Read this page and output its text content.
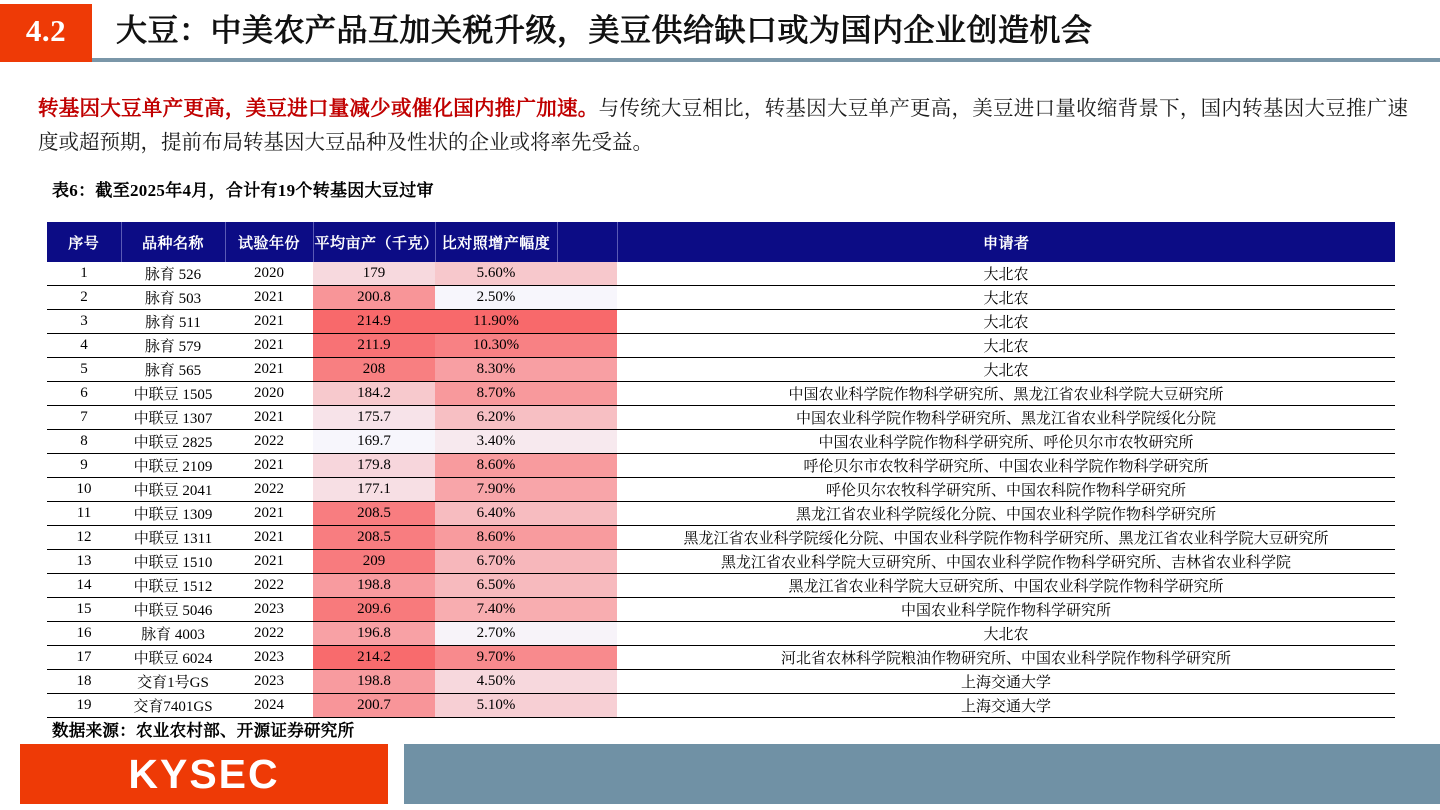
4.2	大豆：中美农产品互加关税升级，美豆供给缺口或为国内企业创造机会
转基因大豆单产更高，美豆进口量减少或催化国内推广加速。与传统大豆相比，转基因大豆单产更高，美豆进口量收缩背景下，国内转基因大豆推广速度或超预期，提前布局转基因大豆品种及性状的企业或将率先受益。
表6：截至2025年4月，合计有19个转基因大豆过审
序号	品种名称	试验年份	平均亩产（千克）	比对照增产幅度		申请者
1	脉育 526	2020	179	5.60%		大北农
2	脉育 503	2021	200.8	2.50%		大北农
3	脉育 511	2021	214.9	11.90%		大北农
4	脉育 579	2021	211.9	10.30%		大北农
5	脉育 565	2021	208	8.30%		大北农
6	中联豆 1505	2020	184.2	8.70%		中国农业科学院作物科学研究所、黑龙江省农业科学院大豆研究所
7	中联豆 1307	2021	175.7	6.20%		中国农业科学院作物科学研究所、黑龙江省农业科学院绥化分院
8	中联豆 2825	2022	169.7	3.40%		中国农业科学院作物科学研究所、呼伦贝尔市农牧研究所
9	中联豆 2109	2021	179.8	8.60%		呼伦贝尔市农牧科学研究所、中国农业科学院作物科学研究所
10	中联豆 2041	2022	177.1	7.90%		呼伦贝尔农牧科学研究所、中国农科院作物科学研究所
11	中联豆 1309	2021	208.5	6.40%		黑龙江省农业科学院绥化分院、中国农业科学院作物科学研究所
12	中联豆 1311	2021	208.5	8.60%		黑龙江省农业科学院绥化分院、中国农业科学院作物科学研究所、黑龙江省农业科学院大豆研究所
13	中联豆 1510	2021	209	6.70%		黑龙江省农业科学院大豆研究所、中国农业科学院作物科学研究所、吉林省农业科学院
14	中联豆 1512	2022	198.8	6.50%		黑龙江省农业科学院大豆研究所、中国农业科学院作物科学研究所
15	中联豆 5046	2023	209.6	7.40%		中国农业科学院作物科学研究所
16	脉育 4003	2022	196.8	2.70%		大北农
17	中联豆 6024	2023	214.2	9.70%		河北省农林科学院粮油作物研究所、中国农业科学院作物科学研究所
18	交育1号GS	2023	198.8	4.50%		上海交通大学
19	交育7401GS	2024	200.7	5.10%		上海交通大学
数据来源：农业农村部、开源证券研究所
KYSEC
